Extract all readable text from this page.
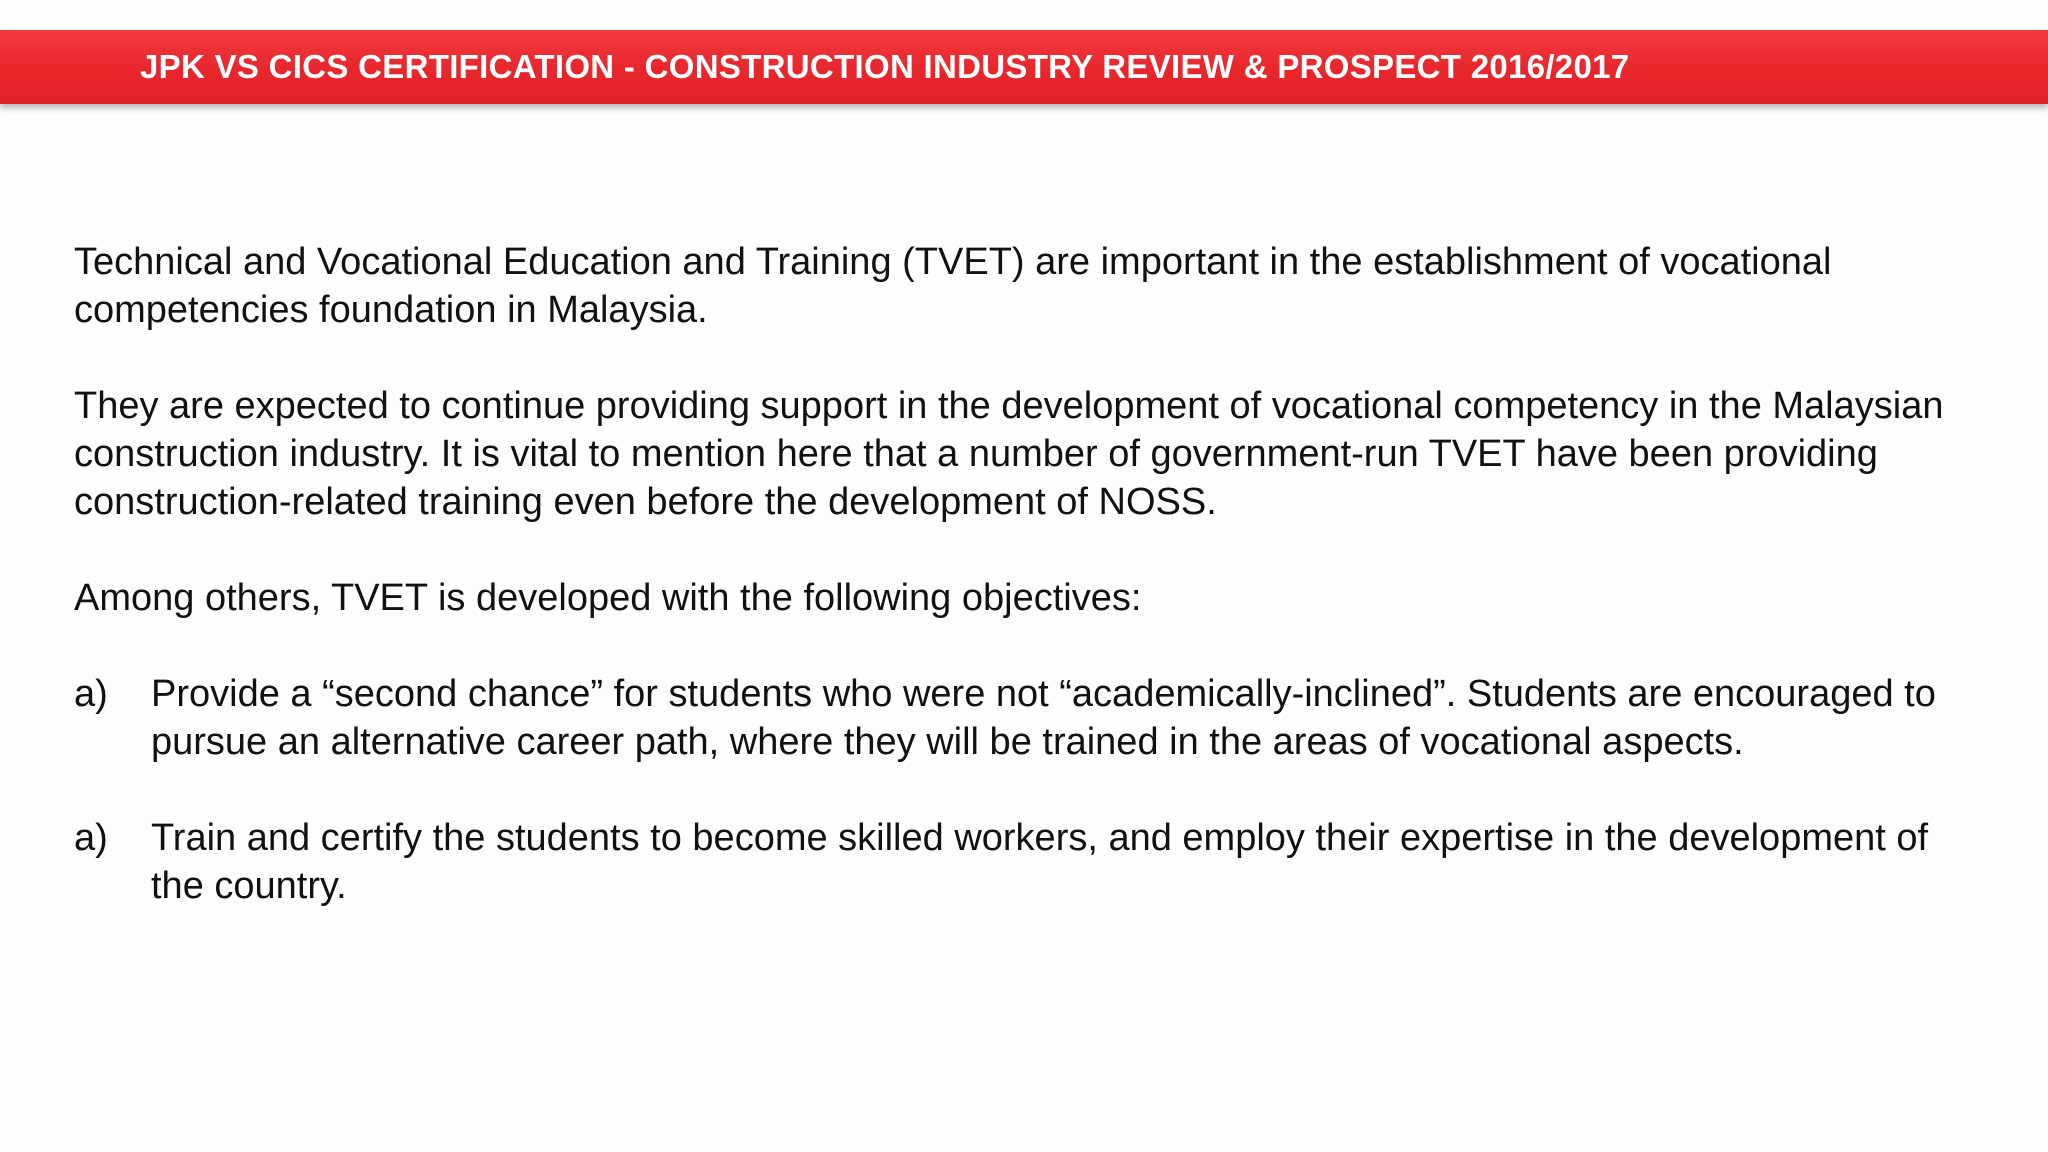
JPK VS CICS CERTIFICATION - CONSTRUCTION INDUSTRY REVIEW & PROSPECT 2016/2017

Technical and Vocational Education and Training (TVET) are important in the establishment of vocational competencies foundation in Malaysia.

They are expected to continue providing support in the development of vocational competency in the Malaysian construction industry. It is vital to mention here that a number of government-run TVET have been providing construction-related training even before the development of NOSS.

Among others, TVET is developed with the following objectives:

a) Provide a “second chance” for students who were not “academically-inclined”. Students are encouraged to pursue an alternative career path, where they will be trained in the areas of vocational aspects.
a) Train and certify the students to become skilled workers, and employ their expertise in the development of the country.
